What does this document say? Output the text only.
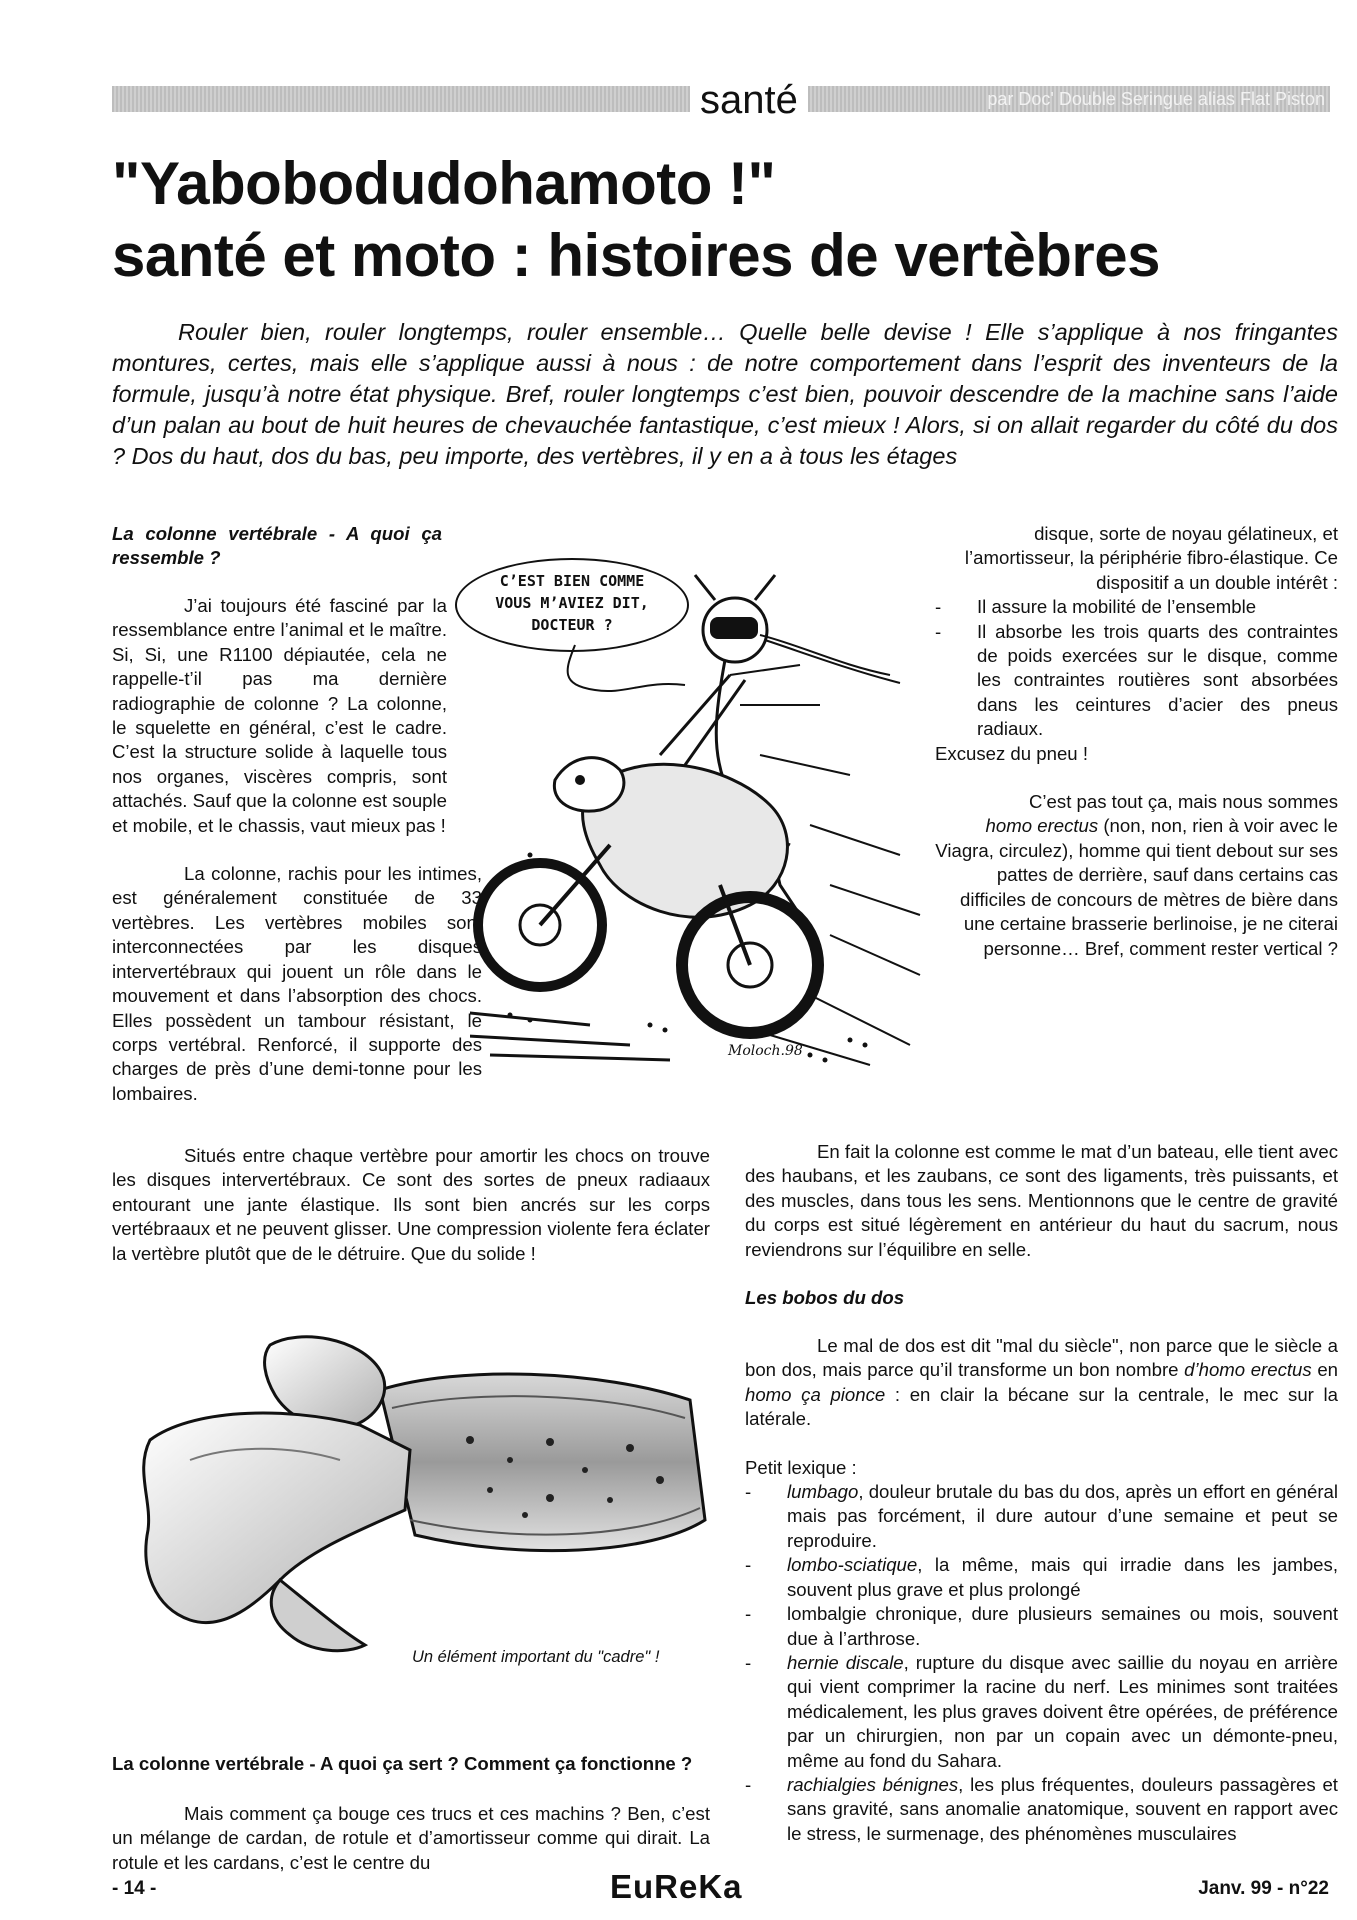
santé	par Doc' Double Seringue alias Flat Piston
"Yabobodudohamoto !"
santé et moto : histoires de vertèbres
Rouler bien, rouler longtemps, rouler ensemble… Quelle belle devise ! Elle s’applique à nos fringantes montures, certes, mais elle s’applique aussi à nous : de notre comportement dans l’esprit des inventeurs de la formule, jusqu’à notre état physique. Bref, rouler longtemps c’est bien, pouvoir descendre de la machine sans l’aide d’un palan au bout de huit heures de chevauchée fantastique, c’est mieux ! Alors, si on allait regarder du côté du dos ? Dos du haut, dos du bas, peu importe, des vertèbres, il y en a à tous les étages

La colonne vertébrale - A quoi ça ressemble ?

J’ai toujours été fasciné par la ressemblance entre l’animal et le maître. Si, Si, une R1100 dépiautée, cela ne rappelle-t’il pas ma dernière radiographie de colonne ? La colonne, le squelette en général, c’est le cadre. C’est la structure solide à laquelle tous nos organes, viscères compris, sont attachés. Sauf que la colonne est souple et mobile, et le chassis, vaut mieux pas !

La colonne, rachis pour les intimes, est généralement constituée de 33 vertèbres. Les vertèbres mobiles sont interconnectées par les disques intervertébraux qui jouent un rôle dans le mouvement et dans l’absorption des chocs. Elles possèdent un tambour résistant, le corps vertébral. Renforcé, il supporte des charges de près d’une demi-tonne pour les lombaires.

Situés entre chaque vertèbre pour amortir les chocs on trouve les disques intervertébraux. Ce sont des sortes de pneux radiaaux entourant une jante élastique. Ils sont bien ancrés sur les corps vertébraaux et ne peuvent glisser. Une compression violente fera éclater la vertèbre plutôt que de le détruire. Que du solide !

Un élément important du "cadre" !

La colonne vertébrale - A quoi ça sert ? Comment ça fonctionne ?

Mais comment ça bouge ces trucs et ces machins ? Ben, c’est un mélange de cardan, de rotule et d’amortisseur comme qui dirait. La rotule et les cardans, c’est le centre du

Moloch.98
C’EST BIEN COMME
VOUS M’AVIEZ DIT,
DOCTEUR ?

disque, sorte de noyau gélatineux, et l’amortisseur, la périphérie fibro-élastique. Ce dispositif a un double intérêt :

- Il assure la mobilité de l’ensemble
- Il absorbe les trois quarts des contraintes de poids exercées sur le disque, comme les contraintes routières sont absorbées dans les ceintures d’acier des pneus radiaux.

Excusez du pneu !

C’est pas tout ça, mais nous sommes homo erectus (non, non, rien à voir avec le Viagra, circulez), homme qui tient debout sur ses pattes de derrière, sauf dans certains cas difficiles de concours de mètres de bière dans une certaine brasserie berlinoise, je ne citerai personne… Bref, comment rester vertical ?

En fait la colonne est comme le mat d’un bateau, elle tient avec des haubans, et les zaubans, ce sont des ligaments, très puissants, et des muscles, dans tous les sens. Mentionnons que le centre de gravité du corps est situé légèrement en antérieur du haut du sacrum, nous reviendrons sur l’équilibre en selle.

Les bobos du dos

Le mal de dos est dit "mal du siècle", non parce que le siècle a bon dos, mais parce qu’il transforme un bon nombre d’homo erectus en homo ça pionce : en clair la bécane sur la centrale, le mec sur la latérale.

Petit lexique :

- lumbago, douleur brutale du bas du dos, après un effort en général mais pas forcément, il dure autour d’une semaine et peut se reproduire.
- lombo-sciatique, la même, mais qui irradie dans les jambes, souvent plus grave et plus prolongé
- lombalgie chronique, dure plusieurs semaines ou mois, souvent due à l’arthrose.
- hernie discale, rupture du disque avec saillie du noyau en arrière qui vient comprimer la racine du nerf. Les minimes sont traitées médicalement, les plus graves doivent être opérées, de préférence par un chirurgien, non par un copain avec un démonte-pneu, même au fond du Sahara.
- rachialgies bénignes, les plus fréquentes, douleurs passagères et sans gravité, sans anomalie anatomique, souvent en rapport avec le stress, le surmenage, des phénomènes musculaires
- 14 -	EuReKa	Janv. 99 - n°22
